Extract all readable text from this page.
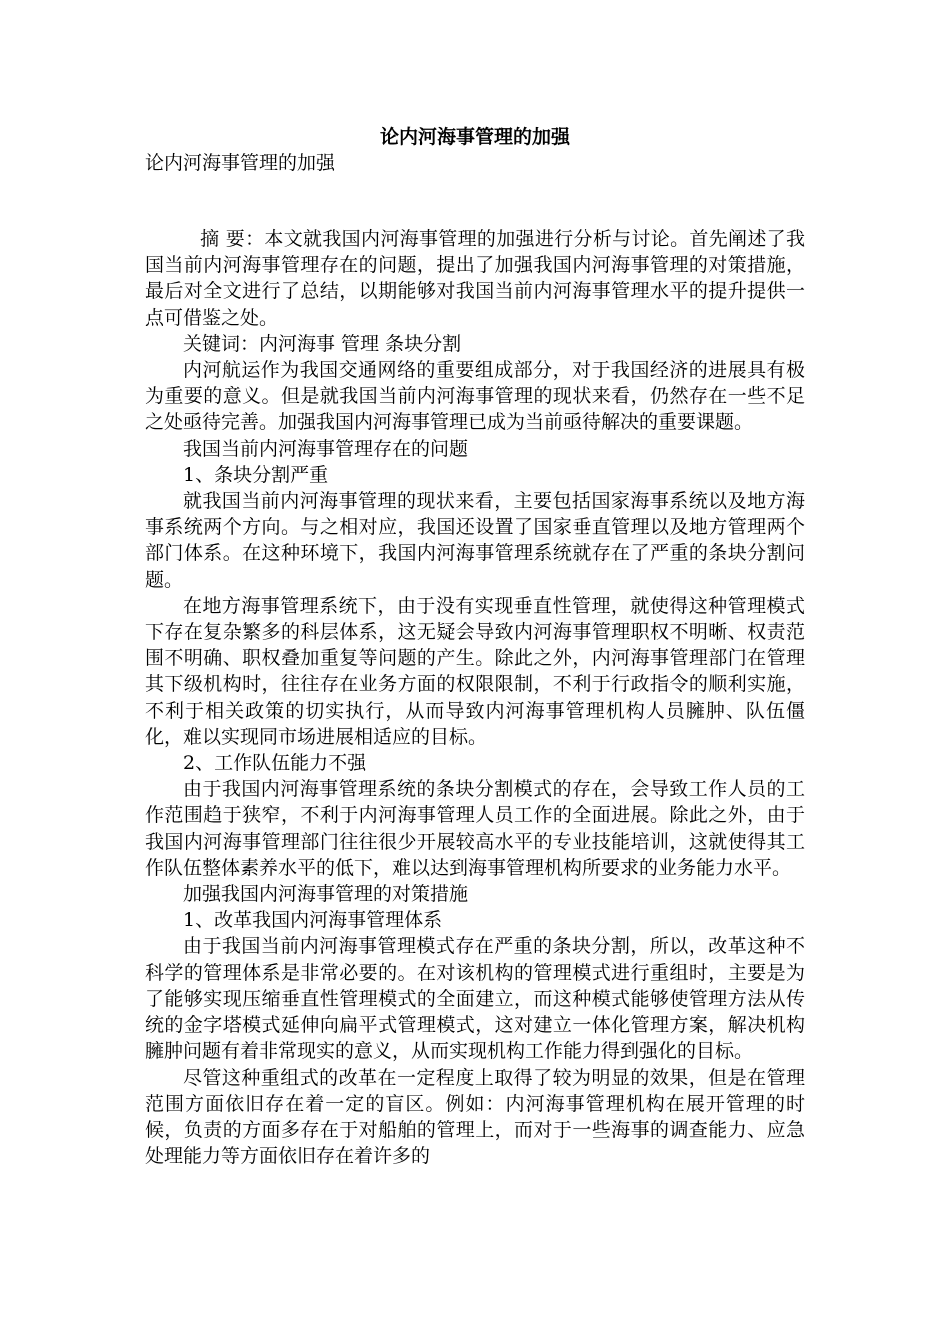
论内河海事管理的加强
论内河海事管理的加强

摘 要：本文就我国内河海事管理的加强进行分析与讨论。首先阐述了我国当前内河海事管理存在的问题，提出了加强我国内河海事管理的对策措施，最后对全文进行了总结，以期能够对我国当前内河海事管理水平的提升提供一点可借鉴之处。

关键词：内河海事 管理 条块分割

内河航运作为我国交通网络的重要组成部分，对于我国经济的进展具有极为重要的意义。但是就我国当前内河海事管理的现状来看，仍然存在一些不足之处亟待完善。加强我国内河海事管理已成为当前亟待解决的重要课题。

我国当前内河海事管理存在的问题

1、条块分割严重

就我国当前内河海事管理的现状来看，主要包括国家海事系统以及地方海事系统两个方向。与之相对应，我国还设置了国家垂直管理以及地方管理两个部门体系。在这种环境下，我国内河海事管理系统就存在了严重的条块分割问题。

在地方海事管理系统下，由于没有实现垂直性管理，就使得这种管理模式下存在复杂繁多的科层体系，这无疑会导致内河海事管理职权不明晰、权责范围不明确、职权叠加重复等问题的产生。除此之外，内河海事管理部门在管理其下级机构时，往往存在业务方面的权限限制，不利于行政指令的顺利实施，不利于相关政策的切实执行，从而导致内河海事管理机构人员臃肿、队伍僵化，难以实现同市场进展相适应的目标。

2、工作队伍能力不强

由于我国内河海事管理系统的条块分割模式的存在，会导致工作人员的工作范围趋于狭窄，不利于内河海事管理人员工作的全面进展。除此之外，由于我国内河海事管理部门往往很少开展较高水平的专业技能培训，这就使得其工作队伍整体素养水平的低下，难以达到海事管理机构所要求的业务能力水平。

加强我国内河海事管理的对策措施

1、改革我国内河海事管理体系

由于我国当前内河海事管理模式存在严重的条块分割，所以，改革这种不科学的管理体系是非常必要的。在对该机构的管理模式进行重组时，主要是为了能够实现压缩垂直性管理模式的全面建立，而这种模式能够使管理方法从传统的金字塔模式延伸向扁平式管理模式，这对建立一体化管理方案，解决机构臃肿问题有着非常现实的意义，从而实现机构工作能力得到强化的目标。

尽管这种重组式的改革在一定程度上取得了较为明显的效果，但是在管理范围方面依旧存在着一定的盲区。例如：内河海事管理机构在展开管理的时候，负责的方面多存在于对船舶的管理上，而对于一些海事的调查能力、应急处理能力等方面依旧存在着许多的
